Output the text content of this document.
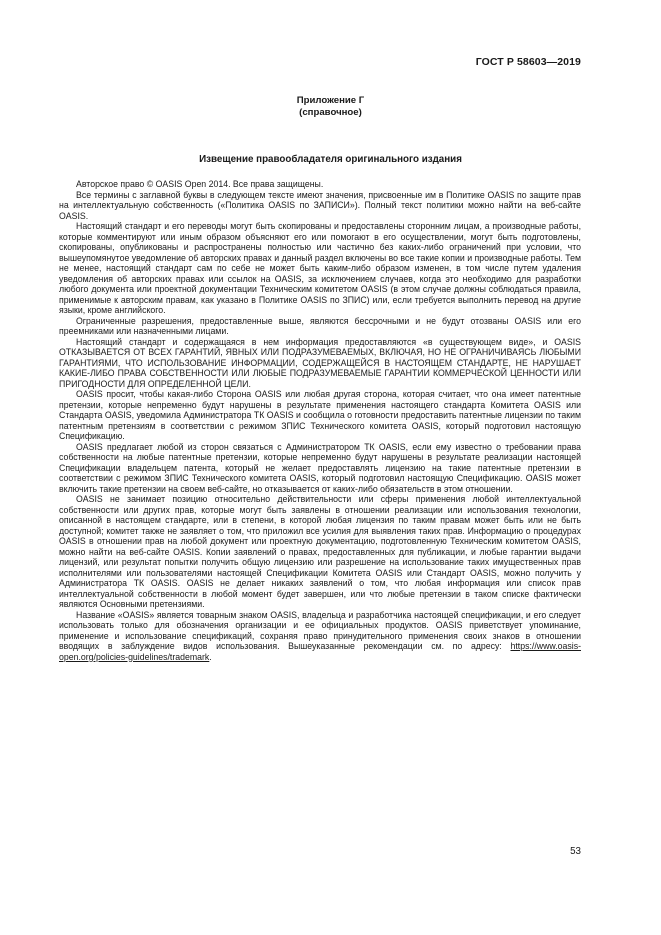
ГОСТ Р 58603—2019
Приложение Г
(справочное)
Извещение правообладателя оригинального издания

Авторское право © OASIS Open 2014. Все права защищены.

Все термины с заглавной буквы в следующем тексте имеют значения, присвоенные им в Политике OASIS по защите прав на интеллектуальную собственность («Политика OASIS по ЗАПИСИ»). Полный текст политики можно найти на веб-сайте OASIS.

Настоящий стандарт и его переводы могут быть скопированы и предоставлены сторонним лицам, а производные работы, которые комментируют или иным образом объясняют его или помогают в его осуществлении, могут быть подготовлены, скопированы, опубликованы и распространены полностью или частично без каких-либо ограничений при условии, что вышеупомянутое уведомление об авторских правах и данный раздел включены во все такие копии и производные работы. Тем не менее, настоящий стандарт сам по себе не может быть каким-либо образом изменен, в том числе путем удаления уведомления об авторских правах или ссылок на OASIS, за исключением случаев, когда это необходимо для разработки любого документа или проектной документации Техническим комитетом OASIS (в этом случае должны соблюдаться правила, применимые к авторским правам, как указано в Политике OASIS по ЗПИС) или, если требуется выполнить перевод на другие языки, кроме английского.

Ограниченные разрешения, предоставленные выше, являются бессрочными и не будут отозваны OASIS или его преемниками или назначенными лицами.

Настоящий стандарт и содержащаяся в нем информация предоставляются «в существующем виде», и OASIS ОТКАЗЫВАЕТСЯ ОТ ВСЕХ ГАРАНТИЙ, ЯВНЫХ ИЛИ ПОДРАЗУМЕВАЕМЫХ, ВКЛЮЧАЯ, НО НЕ ОГРАНИЧИВАЯСЬ ЛЮБЫМИ ГАРАНТИЯМИ, ЧТО ИСПОЛЬЗОВАНИЕ ИНФОРМАЦИИ, СОДЕРЖАЩЕЙСЯ В НАСТОЯЩЕМ СТАНДАРТЕ, НЕ НАРУШАЕТ КАКИЕ-ЛИБО ПРАВА СОБСТВЕННОСТИ ИЛИ ЛЮБЫЕ ПОДРАЗУМЕВАЕМЫЕ ГАРАНТИИ КОММЕРЧЕСКОЙ ЦЕННОСТИ ИЛИ ПРИГОДНОСТИ ДЛЯ ОПРЕДЕЛЕННОЙ ЦЕЛИ.

OASIS просит, чтобы какая-либо Сторона OASIS или любая другая сторона, которая считает, что она имеет патентные претензии, которые непременно будут нарушены в результате применения настоящего стандарта Комитета OASIS или Стандарта OASIS, уведомила Администратора ТК OASIS и сообщила о готовности предоставить патентные лицензии по таким патентным претензиям в соответствии с режимом ЗПИС Технического комитета OASIS, который подготовил настоящую Спецификацию.

OASIS предлагает любой из сторон связаться с Администратором ТК OASIS, если ему известно о требовании права собственности на любые патентные претензии, которые непременно будут нарушены в результате реализации настоящей Спецификации владельцем патента, который не желает предоставлять лицензию на такие патентные претензии в соответствии с режимом ЗПИС Технического комитета OASIS, который подготовил настоящую Спецификацию. OASIS может включить такие претензии на своем веб-сайте, но отказывается от каких-либо обязательств в этом отношении.

OASIS не занимает позицию относительно действительности или сферы применения любой интеллектуальной собственности или других прав, которые могут быть заявлены в отношении реализации или использования технологии, описанной в настоящем стандарте, или в степени, в которой любая лицензия по таким правам может быть или не быть доступной; комитет также не заявляет о том, что приложил все усилия для выявления таких прав. Информацию о процедурах OASIS в отношении прав на любой документ или проектную документацию, подготовленную Техническим комитетом OASIS, можно найти на веб-сайте OASIS. Копии заявлений о правах, предоставленных для публикации, и любые гарантии выдачи лицензий, или результат попытки получить общую лицензию или разрешение на использование таких имущественных прав исполнителями или пользователями настоящей Спецификации Комитета OASIS или Стандарт OASIS, можно получить у Администратора ТК OASIS. OASIS не делает никаких заявлений о том, что любая информация или список прав интеллектуальной собственности в любой момент будет завершен, или что любые претензии в таком списке фактически являются Основными претензиями.

Название «OASIS» является товарным знаком OASIS, владельца и разработчика настоящей спецификации, и его следует использовать только для обозначения организации и ее официальных продуктов. OASIS приветствует упоминание, применение и использование спецификаций, сохраняя право принудительного применения своих знаков в отношении вводящих в заблуждение видов использования. Вышеуказанные рекомендации см. по адресу: https://www.oasis-open.org/policies-guidelines/trademark.

53
